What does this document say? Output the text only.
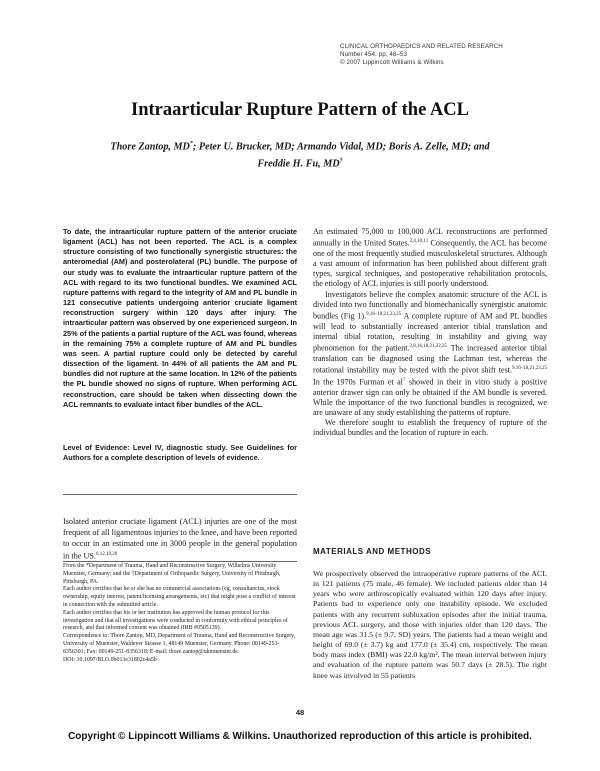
CLINICAL ORTHOPAEDICS AND RELATED RESEARCH
Number 454, pp. 48–53
© 2007 Lippincott Williams & Wilkins
Intraarticular Rupture Pattern of the ACL
Thore Zantop, MD*; Peter U. Brucker, MD; Armando Vidal, MD; Boris A. Zelle, MD; and
Freddie H. Fu, MD†
To date, the intraarticular rupture pattern of the anterior cruciate ligament (ACL) has not been reported. The ACL is a complex structure consisting of two functionally synergistic structures: the anteromedial (AM) and posterolateral (PL) bundle. The purpose of our study was to evaluate the intraarticular rupture pattern of the ACL with regard to its two functional bundles. We examined ACL rupture patterns with regard to the integrity of AM and PL bundle in 121 consecutive patients undergoing anterior cruciate ligament reconstruction surgery within 120 days after injury. The intraarticular pattern was observed by one experienced surgeon. In 25% of the patients a partial rupture of the ACL was found, whereas in the remaining 75% a complete rupture of AM and PL bundles was seen. A partial rupture could only be detected by careful dissection of the ligament. In 44% of all patients the AM and PL bundles did not rupture at the same location. In 12% of the patients the PL bundle showed no signs of rupture. When performing ACL reconstruction, care should be taken when dissecting down the ACL remnants to evaluate intact fiber bundles of the ACL.
Level of Evidence: Level IV, diagnostic study. See Guidelines for Authors for a complete description of levels of evidence.
Isolated anterior cruciate ligament (ACL) injuries are one of the most frequent of all ligamentous injuries to the knee, and have been reported to occur in an estimated one in 3000 people in the general population in the US.$^{6,12,19,20}$

From the *Department of Trauma, Hand and Reconstructive Surgery, Wilhelms University Muenster, Germany; and the †Department of Orthopaedic Surgery, University of Pittsburgh, Pittsburgh, PA.

Each author certifies that he or she has no commercial associations (eg, consultancies, stock ownership, equity interest, patent/licensing arrangements, etc) that might pose a conflict of interest in connection with the submitted article.

Each author certifies that his or her institution has approved the human protocol for this investigation and that all investigations were conducted in conformity with ethical principles of research, and that informed consent was obtained (IRB #0505139).

Correspondence to: Thore Zantop, MD, Department of Trauma, Hand and Reconstructive Surgery, University of Muenster, Waldeyer Strasse 1, 48149 Muenster, Germany. Phone: 00149-251-8356301; Fax: 00149-251-8356318; E-mail: thore.zantop@ukmuenster.de.

DOI: 10.1097/BLO.0b013e31802c4a5b

An estimated 75,000 to 100,000 ACL reconstructions are performed annually in the United States.$^{2,4,10,11}$ Consequently, the ACL has become one of the most frequently studied musculoskeletal structures. Although a vast amount of information has been published about different graft types, surgical techniques, and postoperative rehabilitation protocols, the etiology of ACL injuries is still poorly understood.

Investigators believe the complex anatomic structure of the ACL is divided into two functionally and biomechanically synergistic anatomic bundles (Fig 1).$^{9,16-18,21,23,25}$ A complete rupture of AM and PL bundles will lead to substantially increased anterior tibial translation and internal tibial rotation, resulting in instability and giving way phenomenon for the patient.$^{3,8,16,18,21,22,25}$ The increased anterior tibial translation can be diagnosed using the Lachman test, whereas the rotational instability may be tested with the pivot shift test.$^{9,16-18,21,23,25}$ In the 1970s Furman et $al^7$ showed in their in vitro study a positive anterior drawer sign can only be obtained if the AM bundle is severed. While the importance of the two functional bundles is recognized, we are unaware of any study establishing the patterns of rupture.

We therefore sought to establish the frequency of rupture of the individual bundles and the location of rupture in each.

MATERIALS AND METHODS
We prospectively observed the intraoperative rupture patterns of the ACL in 121 patients (75 male, 46 female). We included patients older than 14 years who were arthroscopically evaluated within 120 days after injury. Patients had to experience only one instability episode. We excluded patients with any recurrent subluxation episodes after the initial trauma, previous ACL surgery, and those with injuries older than 120 days. The mean age was 31.5 (± 9.7, SD) years. The patients had a mean weight and height of 69.0 (± 3.7) kg and 177.0 (± 35.4) cm, respectively. The mean body mass index (BMI) was 22.0 kg/m². The mean interval between injury and evaluation of the rupture pattern was 50.7 days (± 28.5). The right knee was involved in 55 patients
48
Copyright © Lippincott Williams & Wilkins. Unauthorized reproduction of this article is prohibited.
